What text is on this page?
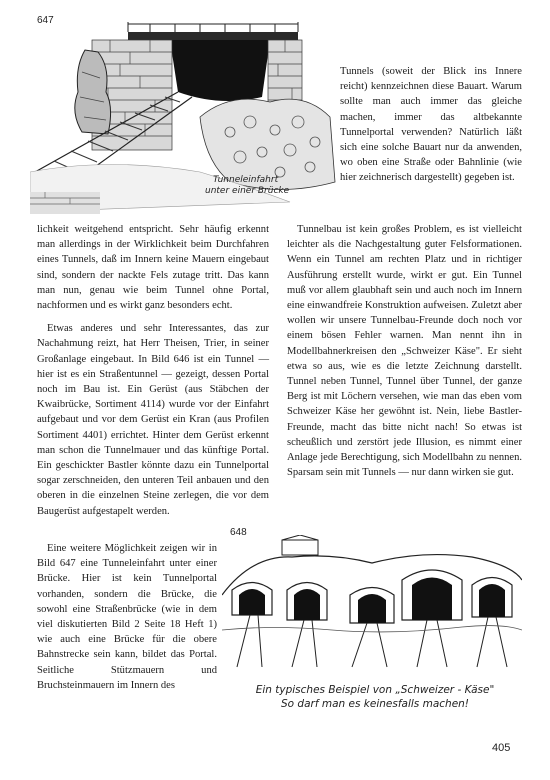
647
Tunneleinfahrt
unter einer Brücke

Tunnels (soweit der Blick ins Innere reicht) kennzeichnen diese Bauart. Warum sollte man auch immer das gleiche machen, immer das altbekannte Tunnelportal verwenden? Natürlich läßt sich eine solche Bauart nur da anwenden, wo oben eine Straße oder Bahnlinie (wie hier zeichnerisch dargestellt) gegeben ist.

lichkeit weitgehend entspricht. Sehr häufig erkennt man allerdings in der Wirklichkeit beim Durchfahren eines Tunnels, daß im Innern keine Mauern eingebaut sind, sondern der nackte Fels zutage tritt. Das kann man nun, genau wie beim Tunnel ohne Portal, nachformen und es wirkt ganz besonders echt.

Etwas anderes und sehr Interessantes, das zur Nachahmung reizt, hat Herr Theisen, Trier, in seiner Großanlage eingebaut. In Bild 646 ist ein Tunnel — hier ist es ein Straßentunnel — gezeigt, dessen Portal noch im Bau ist. Ein Gerüst (aus Stäbchen der Kwaibrücke, Sortiment 4114) wurde vor der Einfahrt aufgebaut und vor dem Gerüst ein Kran (aus Profilen Sortiment 4401) errichtet. Hinter dem Gerüst erkennt man schon die Tunnelmauer und das künftige Portal. Ein geschickter Bastler könnte dazu ein Tunnelportal sogar zerschneiden, den unteren Teil anbauen und den oberen in die einzelnen Steine zerlegen, die vor dem Baugerüst aufgestapelt werden.

Eine weitere Möglichkeit zeigen wir in Bild 647 eine Tunneleinfahrt unter einer Brücke. Hier ist kein Tunnelportal vorhanden, sondern die Brücke, die sowohl eine Straßenbrücke (wie in dem viel diskutierten Bild 2 Seite 18 Heft 1) wie auch eine Brücke für die obere Bahnstrecke sein kann, bildet das Portal. Seitliche Stützmauern und Bruchsteinmauern im Innern des

Tunnelbau ist kein großes Problem, es ist vielleicht leichter als die Nachgestaltung guter Felsformationen. Wenn ein Tunnel am rechten Platz und in richtiger Ausführung erstellt wurde, wirkt er gut. Ein Tunnel muß vor allem glaubhaft sein und auch noch im Innern eine einwandfreie Konstruktion aufweisen. Zuletzt aber wollen wir unsere Tunnelbau-Freunde doch noch vor einem bösen Fehler warnen. Man nennt ihn in Modellbahnerkreisen den „Schweizer Käse". Er sieht etwa so aus, wie es die letzte Zeichnung darstellt. Tunnel neben Tunnel, Tunnel über Tunnel, der ganze Berg ist mit Löchern versehen, wie man das eben vom Schweizer Käse her gewöhnt ist. Nein, liebe Bastler-Freunde, macht das bitte nicht nach! So etwas ist scheußlich und zerstört jede Illusion, es nimmt einer Anlage jede Berechtigung, sich Modellbahn zu nennen. Sparsam sein mit Tunnels — nur dann wirken sie gut.

648
Ein typisches Beispiel von „Schweizer - Käse"
So darf man es keinesfalls machen!
405
